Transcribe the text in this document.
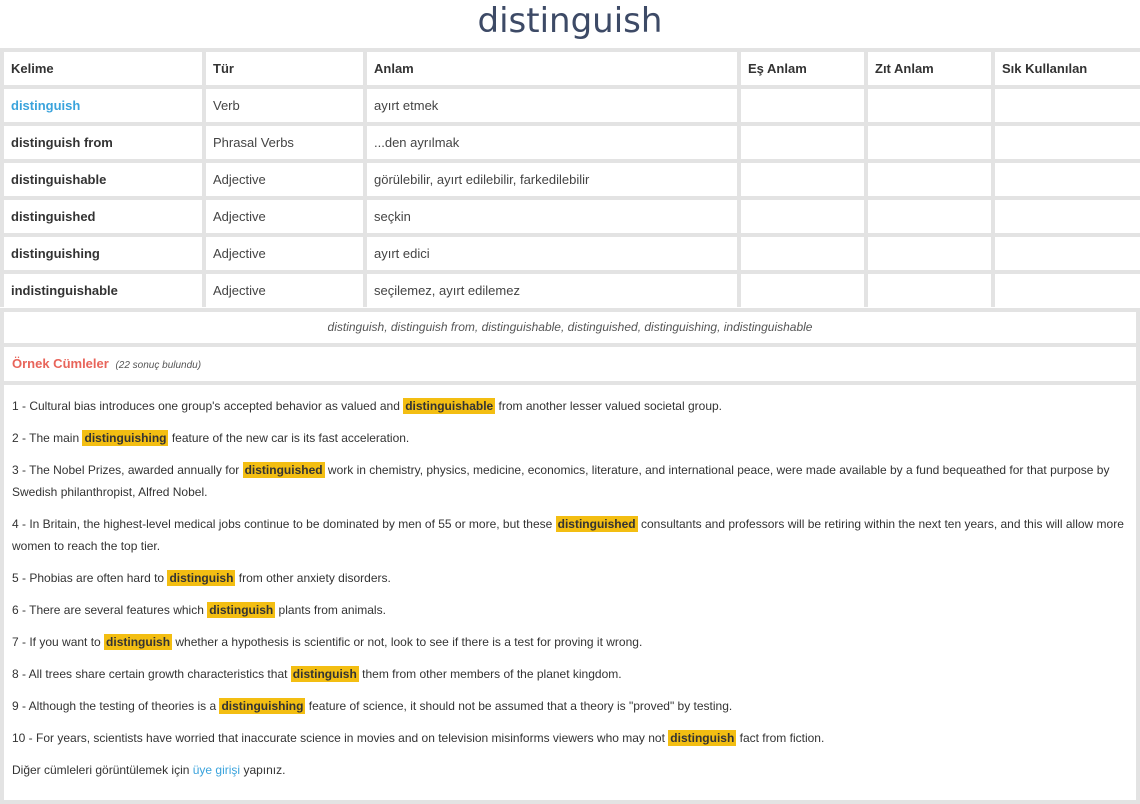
distinguish
Kelime	Tür	Anlam	Eş Anlam	Zıt Anlam	Sık Kullanılan
distinguish	Verb	ayırt etmek			
distinguish from	Phrasal Verbs	...den ayrılmak			
distinguishable	Adjective	görülebilir, ayırt edilebilir, farkedilebilir			
distinguished	Adjective	seçkin			
distinguishing	Adjective	ayırt edici			
indistinguishable	Adjective	seçilemez, ayırt edilemez			
distinguish, distinguish from, distinguishable, distinguished, distinguishing, indistinguishable
Örnek Cümleler (22 sonuç bulundu)
1 - Cultural bias introduces one group's accepted behavior as valued and distinguishable from another lesser valued societal group.
2 - The main distinguishing feature of the new car is its fast acceleration.
3 - The Nobel Prizes, awarded annually for distinguished work in chemistry, physics, medicine, economics, literature, and international peace, were made available by a fund bequeathed for that purpose by Swedish philanthropist, Alfred Nobel.
4 - In Britain, the highest-level medical jobs continue to be dominated by men of 55 or more, but these distinguished consultants and professors will be retiring within the next ten years, and this will allow more women to reach the top tier.
5 - Phobias are often hard to distinguish from other anxiety disorders.
6 - There are several features which distinguish plants from animals.
7 - If you want to distinguish whether a hypothesis is scientific or not, look to see if there is a test for proving it wrong.
8 - All trees share certain growth characteristics that distinguish them from other members of the planet kingdom.
9 - Although the testing of theories is a distinguishing feature of science, it should not be assumed that a theory is "proved" by testing.
10 - For years, scientists have worried that inaccurate science in movies and on television misinforms viewers who may not distinguish fact from fiction.
Diğer cümleleri görüntülemek için üye girişi yapınız.
